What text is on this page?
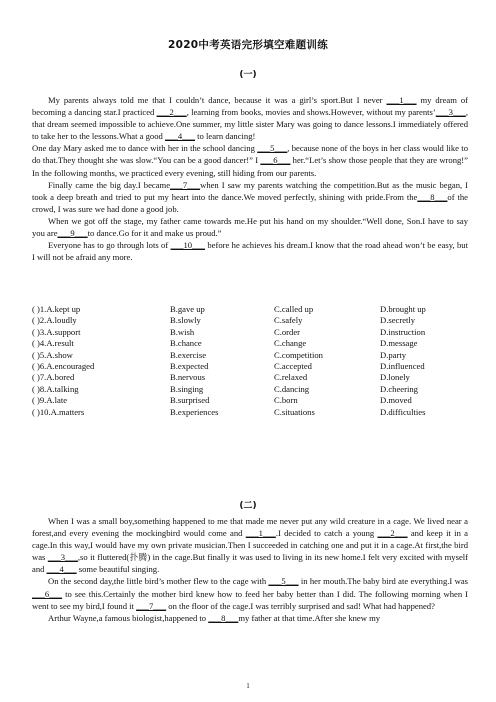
2020中考英语完形填空难题训练
(一)

My parents always told me that I couldn’t dance, because it was a girl’s sport.But I never ___1___ my dream of becoming a dancing star.I practiced ___2___, learning from books, movies and shows.However, without my parents’___3___, that dream seemed impossible to achieve.One summer, my little sister Mary was going to dance lessons.I immediately offered to take her to the lessons.What a good ___4___ to learn dancing!

One day Mary asked me to dance with her in the school dancing ___5___, because none of the boys in her class would like to do that.They thought she was slow.“You can be a good dancer!” I ___6___ her.“Let’s show those people that they are wrong!” In the following months, we practiced every evening, still hiding from our parents.

Finally came the big day.I became___7___when I saw my parents watching the competition.But as the music began, I took a deep breath and tried to put my heart into the dance.We moved perfectly, shining with pride.From the___8___of the crowd, I was sure we had done a good job.

When we got off the stage, my father came towards me.He put his hand on my shoulder.“Well done, Son.I have to say you are___9___to dance.Go for it and make us proud.”

Everyone has to go through lots of ___10___ before he achieves his dream.I know that the road ahead won’t be easy, but I will not be afraid any more.

( )1.A.kept up	B.gave up	C.called up	D.brought up
( )2.A.loudly	B.slowly	C.safely	D.secretly
( )3.A.support	B.wish	C.order	D.instruction
( )4.A.result	B.chance	C.change	D.message
( )5.A.show	B.exercise	C.competition	D.party
( )6.A.encouraged	B.expected	C.accepted	D.influenced
( )7.A.bored	B.nervous	C.relaxed	D.lonely
( )8.A.talking	B.singing	C.dancing	D.cheering
( )9.A.late	B.surprised	C.born	D.moved
( )10.A.matters	B.experiences	C.situations	D.difficulties
(二)

When I was a small boy,something happened to me that made me never put any wild creature in a cage. We lived near a forest,and every evening the mockingbird would come and ___1___.I decided to catch a young ___2___ and keep it in a cage.In this way,I would have my own private musician.Then I succeeded in catching one and put it in a cage.At first,the bird was ___3___,so it fluttered(扑腾) in the cage.But finally it was used to living in its new home.I felt very excited with myself and ___4___ some beautiful singing.

On the second day,the little bird’s mother flew to the cage with ___5___ in her mouth.The baby bird ate everything.I was ___6___ to see this.Certainly the mother bird knew how to feed her baby better than I did. The following morning when I went to see my bird,I found it ___7___ on the floor of the cage.I was terribly surprised and sad! What had happened?

Arthur Wayne,a famous biologist,happened to ___8___my father at that time.After she knew my

1
